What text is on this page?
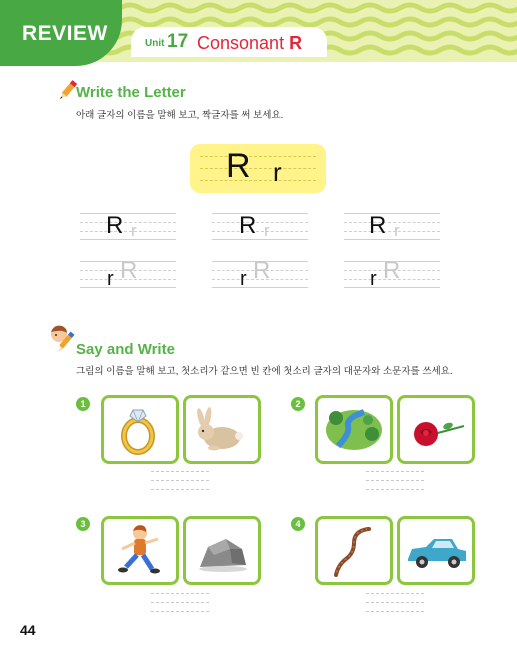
REVIEW	Unit 17 Consonant R
Write the Letter
아래 글자의 이름을 말해 보고, 짝글자를 써 보세요.
R r
R r	R r	R r
r R	r R	r R
Say and Write
그림의 이름을 말해 보고, 첫소리가 같으면 빈 칸에 첫소리 글자의 대문자와 소문자를 쓰세요.
1	2
3	4
44
